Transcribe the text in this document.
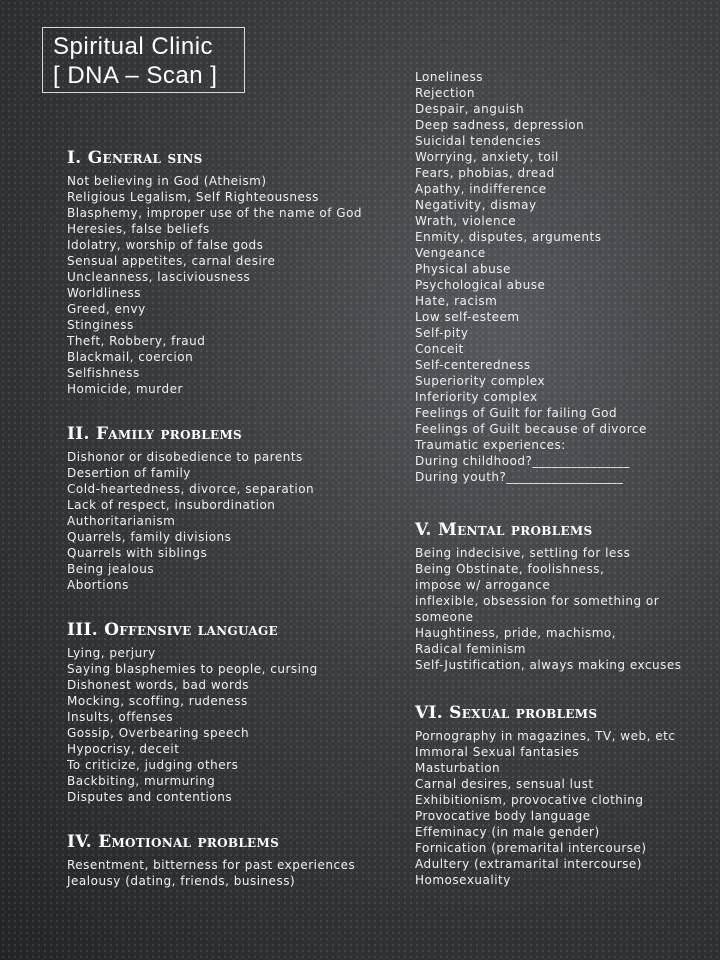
Spiritual Clinic
[ DNA – Scan ]
I. General sins
Not believing in God (Atheism)
Religious Legalism, Self Righteousness
Blasphemy, improper use of the name of God
Heresies, false beliefs
Idolatry, worship of false gods
Sensual appetites, carnal desire
Uncleanness, lasciviousness
Worldliness
Greed, envy
Stinginess
Theft, Robbery, fraud
Blackmail, coercion
Selfishness
Homicide, murder
II. Family problems
Dishonor or disobedience to parents
Desertion of family
Cold-heartedness, divorce, separation
Lack of respect, insubordination
Authoritarianism
Quarrels, family divisions
Quarrels with siblings
Being jealous
Abortions
III. Offensive language
Lying, perjury
Saying blasphemies to people, cursing
Dishonest words, bad words
Mocking, scoffing, rudeness
Insults, offenses
Gossip, Overbearing speech
Hypocrisy, deceit
To criticize, judging others
Backbiting, murmuring
Disputes and contentions
IV. Emotional problems
Resentment, bitterness for past experiences
Jealousy (dating, friends, business)
Loneliness
Rejection
Despair, anguish
Deep sadness, depression
Suicidal tendencies
Worrying, anxiety, toil
Fears, phobias, dread
Apathy, indifference
Negativity, dismay
Wrath, violence
Enmity, disputes, arguments
Vengeance
Physical abuse
Psychological abuse
Hate, racism
Low self-esteem
Self-pity
Conceit
Self-centeredness
Superiority complex
Inferiority complex
Feelings of Guilt for failing God
Feelings of Guilt because of divorce
Traumatic experiences:
During childhood?_______________
During youth?__________________
V. Mental problems
Being indecisive, settling for less
Being Obstinate, foolishness,
impose w/ arrogance
inflexible, obsession for something or
someone
Haughtiness, pride, machismo,
Radical feminism
Self-Justification, always making excuses
VI. Sexual problems
Pornography in magazines, TV, web, etc
Immoral Sexual fantasies
Masturbation
Carnal desires, sensual lust
Exhibitionism, provocative clothing
Provocative body language
Effeminacy (in male gender)
Fornication (premarital intercourse)
Adultery (extramarital intercourse)
Homosexuality
